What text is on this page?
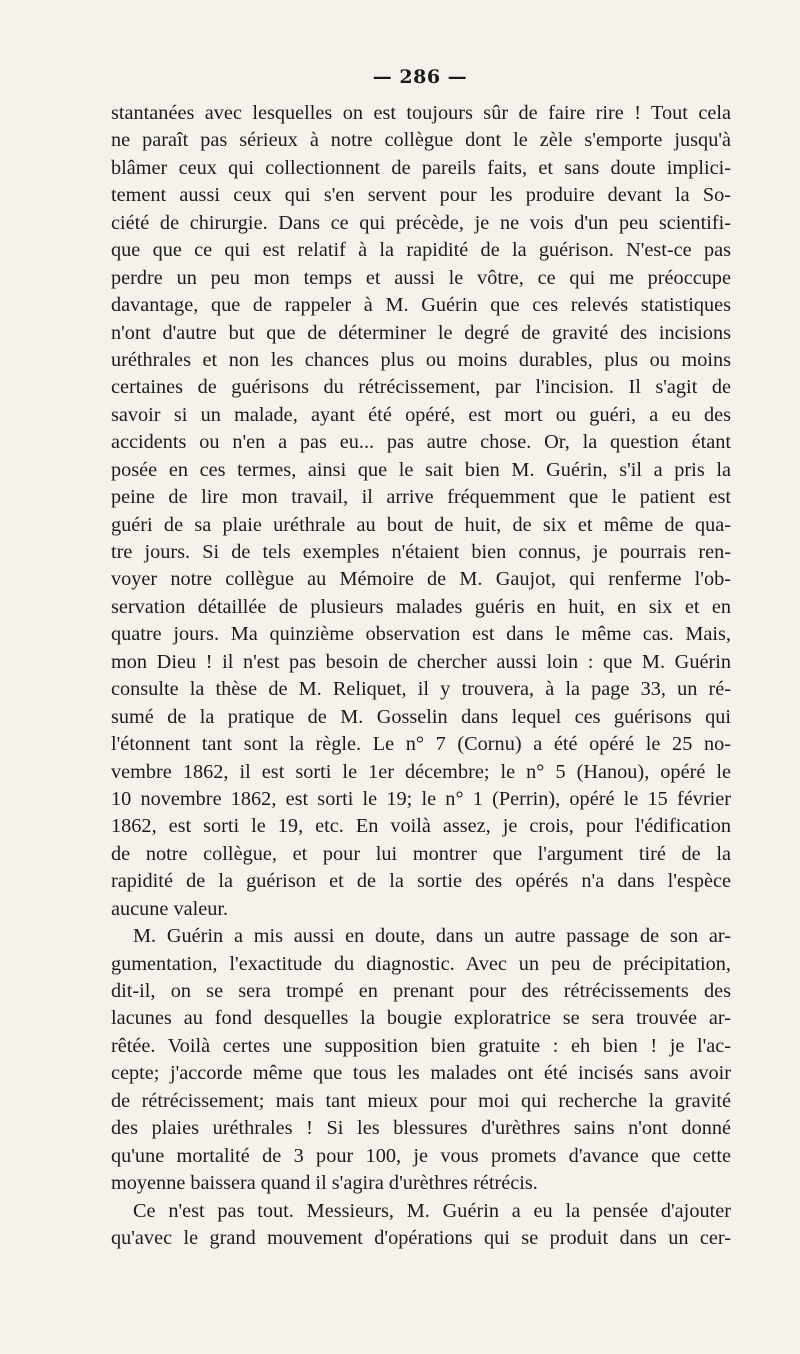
— 286 —
stantanées avec lesquelles on est toujours sûr de faire rire ! Tout cela
ne paraît pas sérieux à notre collègue dont le zèle s'emporte jusqu'à
blâmer ceux qui collectionnent de pareils faits, et sans doute implici-
tement aussi ceux qui s'en servent pour les produire devant la So-
ciété de chirurgie. Dans ce qui précède, je ne vois d'un peu scientifi-
que que ce qui est relatif à la rapidité de la guérison. N'est-ce pas
perdre un peu mon temps et aussi le vôtre, ce qui me préoccupe
davantage, que de rappeler à M. Guérin que ces relevés statistiques
n'ont d'autre but que de déterminer le degré de gravité des incisions
uréthrales et non les chances plus ou moins durables, plus ou moins
certaines de guérisons du rétrécissement, par l'incision. Il s'agit de
savoir si un malade, ayant été opéré, est mort ou guéri, a eu des
accidents ou n'en a pas eu... pas autre chose. Or, la question étant
posée en ces termes, ainsi que le sait bien M. Guérin, s'il a pris la
peine de lire mon travail, il arrive fréquemment que le patient est
guéri de sa plaie uréthrale au bout de huit, de six et même de qua-
tre jours. Si de tels exemples n'étaient bien connus, je pourrais ren-
voyer notre collègue au Mémoire de M. Gaujot, qui renferme l'ob-
servation détaillée de plusieurs malades guéris en huit, en six et en
quatre jours. Ma quinzième observation est dans le même cas. Mais,
mon Dieu ! il n'est pas besoin de chercher aussi loin : que M. Guérin
consulte la thèse de M. Reliquet, il y trouvera, à la page 33, un ré-
sumé de la pratique de M. Gosselin dans lequel ces guérisons qui
l'étonnent tant sont la règle. Le n° 7 (Cornu) a été opéré le 25 no-
vembre 1862, il est sorti le 1er décembre; le n° 5 (Hanou), opéré le
10 novembre 1862, est sorti le 19; le n° 1 (Perrin), opéré le 15 février
1862, est sorti le 19, etc. En voilà assez, je crois, pour l'édification
de notre collègue, et pour lui montrer que l'argument tiré de la
rapidité de la guérison et de la sortie des opérés n'a dans l'espèce
aucune valeur.
M. Guérin a mis aussi en doute, dans un autre passage de son ar-
gumentation, l'exactitude du diagnostic. Avec un peu de précipitation,
dit-il, on se sera trompé en prenant pour des rétrécissements des
lacunes au fond desquelles la bougie exploratrice se sera trouvée ar-
rêtée. Voilà certes une supposition bien gratuite : eh bien ! je l'ac-
cepte; j'accorde même que tous les malades ont été incisés sans avoir
de rétrécissement; mais tant mieux pour moi qui recherche la gravité
des plaies uréthrales ! Si les blessures d'urèthres sains n'ont donné
qu'une mortalité de 3 pour 100, je vous promets d'avance que cette
moyenne baissera quand il s'agira d'urèthres rétrécis.
Ce n'est pas tout. Messieurs, M. Guérin a eu la pensée d'ajouter
qu'avec le grand mouvement d'opérations qui se produit dans un cer-
